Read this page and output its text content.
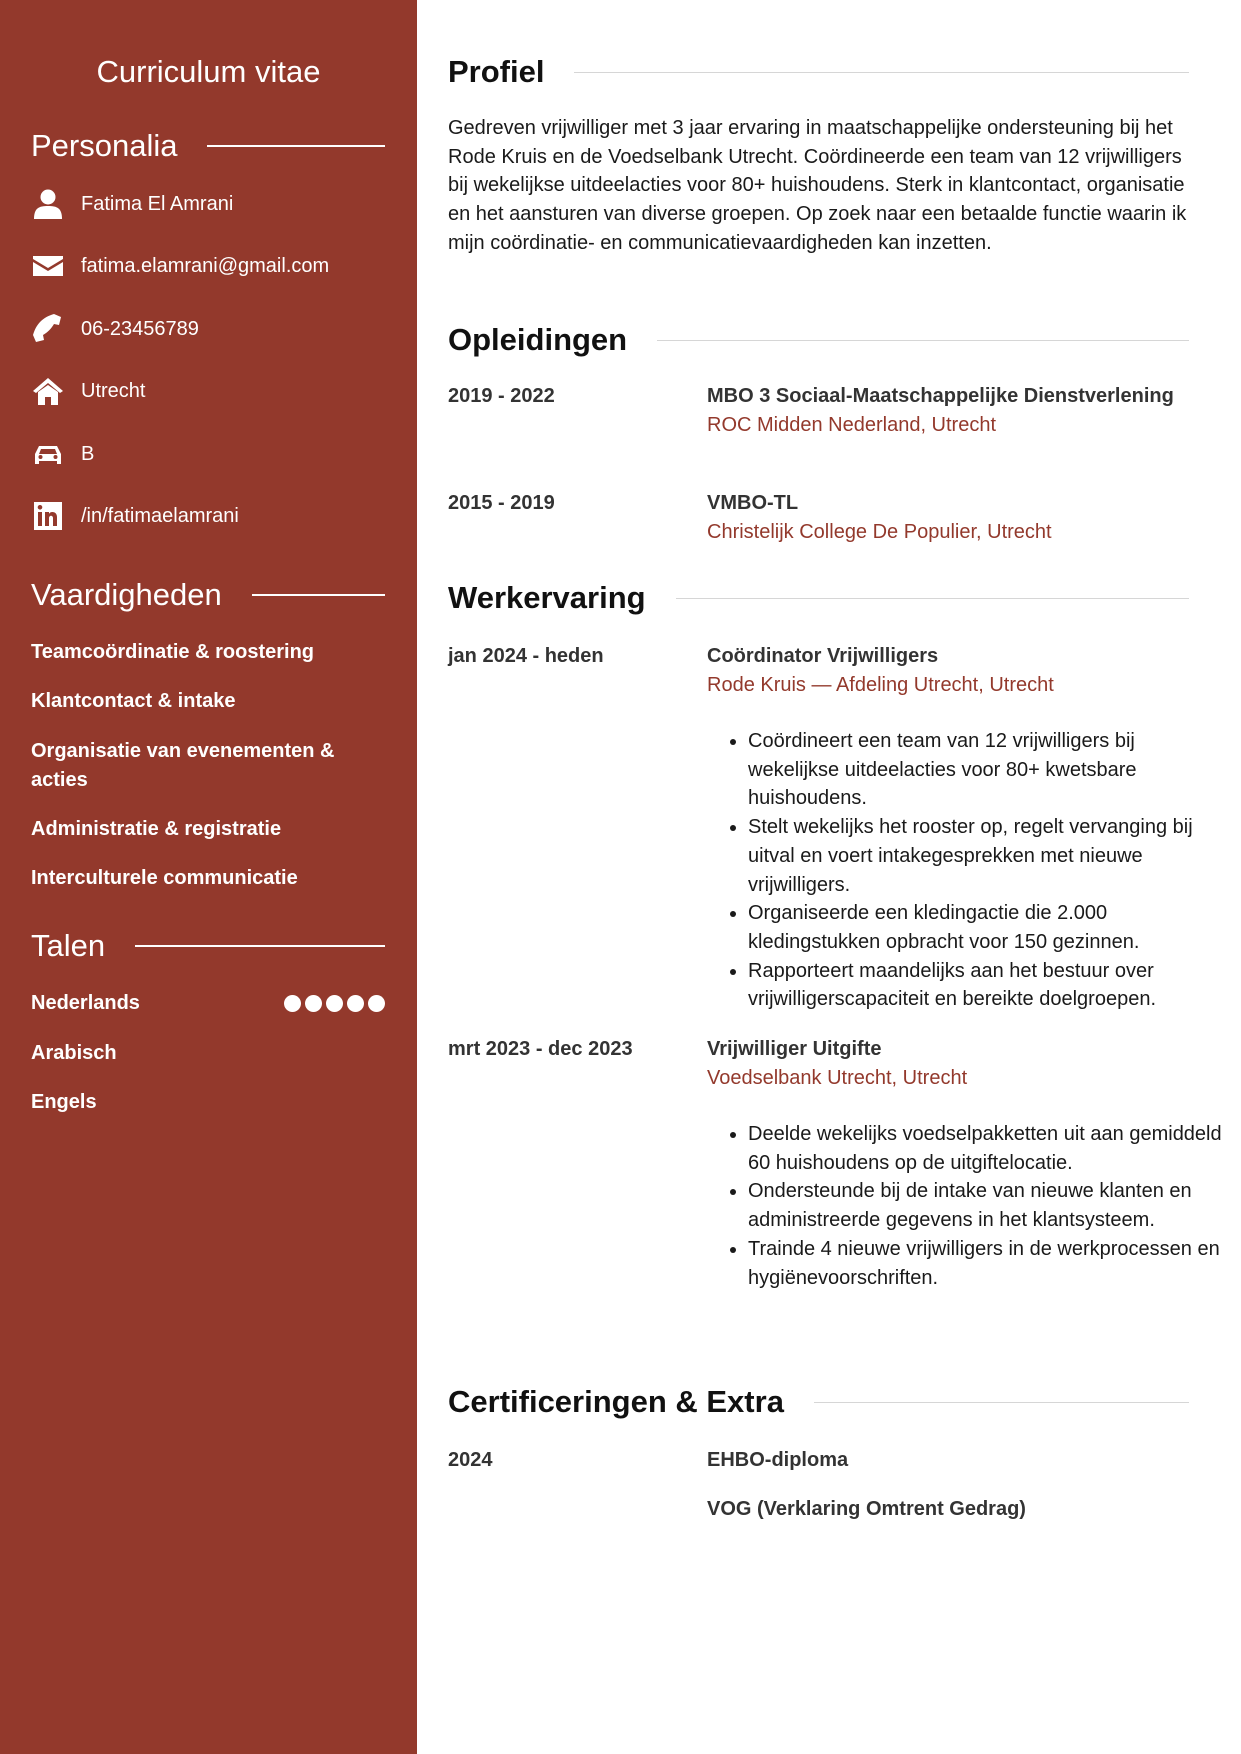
Curriculum vitae
Personalia
Fatima El Amrani
fatima.elamrani@gmail.com
06-23456789
Utrecht
B
/in/fatimaelamrani
Vaardigheden
Teamcoördinatie & roostering
Klantcontact & intake
Organisatie van evenementen & acties
Administratie & registratie
Interculturele communicatie
Talen
Nederlands
Arabisch
Engels
Profiel

Gedreven vrijwilliger met 3 jaar ervaring in maatschappelijke ondersteuning bij het Rode Kruis en de Voedselbank Utrecht. Coördineerde een team van 12 vrijwilligers bij wekelijkse uitdeelacties voor 80+ huishoudens. Sterk in klantcontact, organisatie en het aansturen van diverse groepen. Op zoek naar een betaalde functie waarin ik mijn coördinatie- en communicatievaardigheden kan inzetten.

Opleidingen
2019 - 2022	MBO 3 Sociaal-Maatschappelijke Dienstverlening
ROC Midden Nederland, Utrecht
2015 - 2019	VMBO-TL
Christelijk College De Populier, Utrecht
Werkervaring
jan 2024 - heden	Coördinator Vrijwilligers
Rode Kruis — Afdeling Utrecht, Utrecht
• Coördineert een team van 12 vrijwilligers bij wekelijkse uitdeelacties voor 80+ kwetsbare huishoudens.
• Stelt wekelijks het rooster op, regelt vervanging bij uitval en voert intakegesprekken met nieuwe vrijwilligers.
• Organiseerde een kledingactie die 2.000 kledingstukken opbracht voor 150 gezinnen.
• Rapporteert maandelijks aan het bestuur over vrijwilligerscapaciteit en bereikte doelgroepen.
mrt 2023 - dec 2023	Vrijwilliger Uitgifte
Voedselbank Utrecht, Utrecht
• Deelde wekelijks voedselpakketten uit aan gemiddeld 60 huishoudens op de uitgiftelocatie.
• Ondersteunde bij de intake van nieuwe klanten en administreerde gegevens in het klantsysteem.
• Trainde 4 nieuwe vrijwilligers in de werkprocessen en hygiënevoorschriften.
Certificeringen & Extra
2024	EHBO-diploma
VOG (Verklaring Omtrent Gedrag)
